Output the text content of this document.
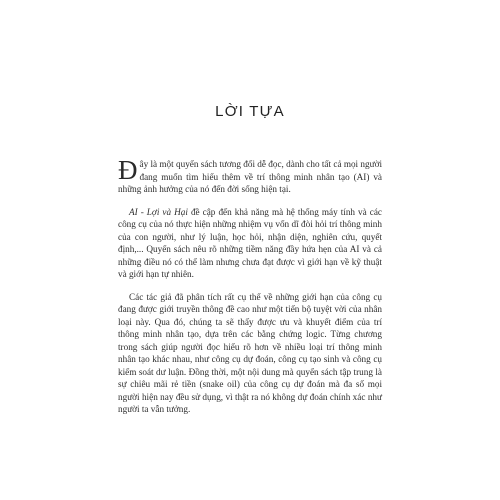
LỜI TỰA

Đây là một quyển sách tương đối dễ đọc, dành cho tất cả mọi người đang muốn tìm hiểu thêm về trí thông minh nhân tạo (AI) và những ảnh hưởng của nó đến đời sống hiện tại.

AI - Lợi và Hại đề cập đến khả năng mà hệ thống máy tính và các công cụ của nó thực hiện những nhiệm vụ vốn dĩ đòi hỏi trí thông minh của con người, như lý luận, học hỏi, nhận diện, nghiên cứu, quyết định,... Quyển sách nêu rõ những tiềm năng đầy hứa hẹn của AI và cả những điều nó có thể làm nhưng chưa đạt được vì giới hạn về kỹ thuật và giới hạn tự nhiên.

Các tác giả đã phân tích rất cụ thể về những giới hạn của công cụ đang được giới truyền thông đề cao như một tiến bộ tuyệt vời của nhân loại này. Qua đó, chúng ta sẽ thấy được ưu và khuyết điểm của trí thông minh nhân tạo, dựa trên các bằng chứng logic. Từng chương trong sách giúp người đọc hiểu rõ hơn về nhiều loại trí thông minh nhân tạo khác nhau, như công cụ dự đoán, công cụ tạo sinh và công cụ kiểm soát dư luận. Đồng thời, một nội dung mà quyển sách tập trung là sự chiêu mãi rẻ tiền (snake oil) của công cụ dự đoán mà đa số mọi người hiện nay đều sử dụng, vì thật ra nó không dự đoán chính xác như người ta vẫn tưởng.
